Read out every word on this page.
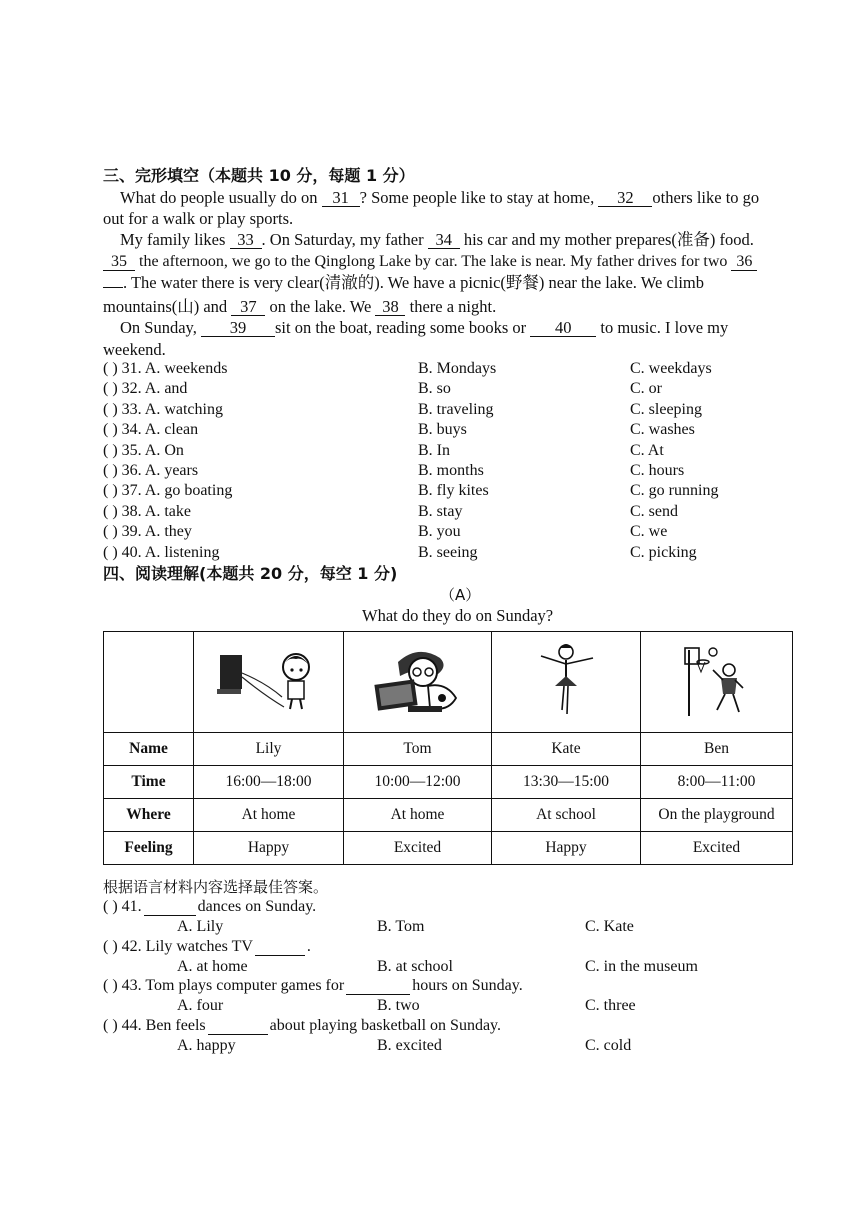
三、完形填空（本题共 10 分，每题 1 分）
What do people usually do on 31 ? Some people like to stay at home, 32 others like to go
out for a walk or play sports.
My family likes 33 . On Saturday, my father 34 his car and my mother prepares(准备) food.
35 the afternoon, we go to the Qinglong Lake by car. The lake is near. My father drives for two 36
. The water there is very clear(清澈的). We have a picnic(野餐) near the lake. We climb
mountains(山) and 37 on the lake. We 38 there a night.
On Sunday, 39 sit on the boat, reading some books or 40 to music. I love my
weekend.
( ) 31. A. weekends	B. Mondays	C. weekdays
( ) 32. A. and	B. so	C. or
( ) 33. A. watching	B. traveling	C. sleeping
( ) 34. A. clean	B. buys	C. washes
( ) 35. A. On	B. In	C. At
( ) 36. A. years	B. months	C. hours
( ) 37. A. go boating	B. fly kites	C. go running
( ) 38. A. take	B. stay	C. send
( ) 39. A. they	B. you	C. we
( ) 40. A. listening	B. seeing	C. picking
四、阅读理解(本题共 20 分，每空 1 分)
（A）
What do they do on Sunday?

Name	Lily	Tom	Kate	Ben
Time	16:00—18:00	10:00—12:00	13:30—15:00	8:00—11:00
Where	At home	At home	At school	On the playground
Feeling	Happy	Excited	Happy	Excited
根据语言材料内容选择最佳答案。
( ) 41.	dances on Sunday.
A. Lily	B. Tom	C. Kate
( ) 42. Lily watches TV	.
A. at home	B. at school	C. in the museum
( ) 43. Tom plays computer games for	hours on Sunday.
A. four	B. two	C. three
( ) 44. Ben feels	about playing basketball on Sunday.
A. happy	B. excited	C. cold
